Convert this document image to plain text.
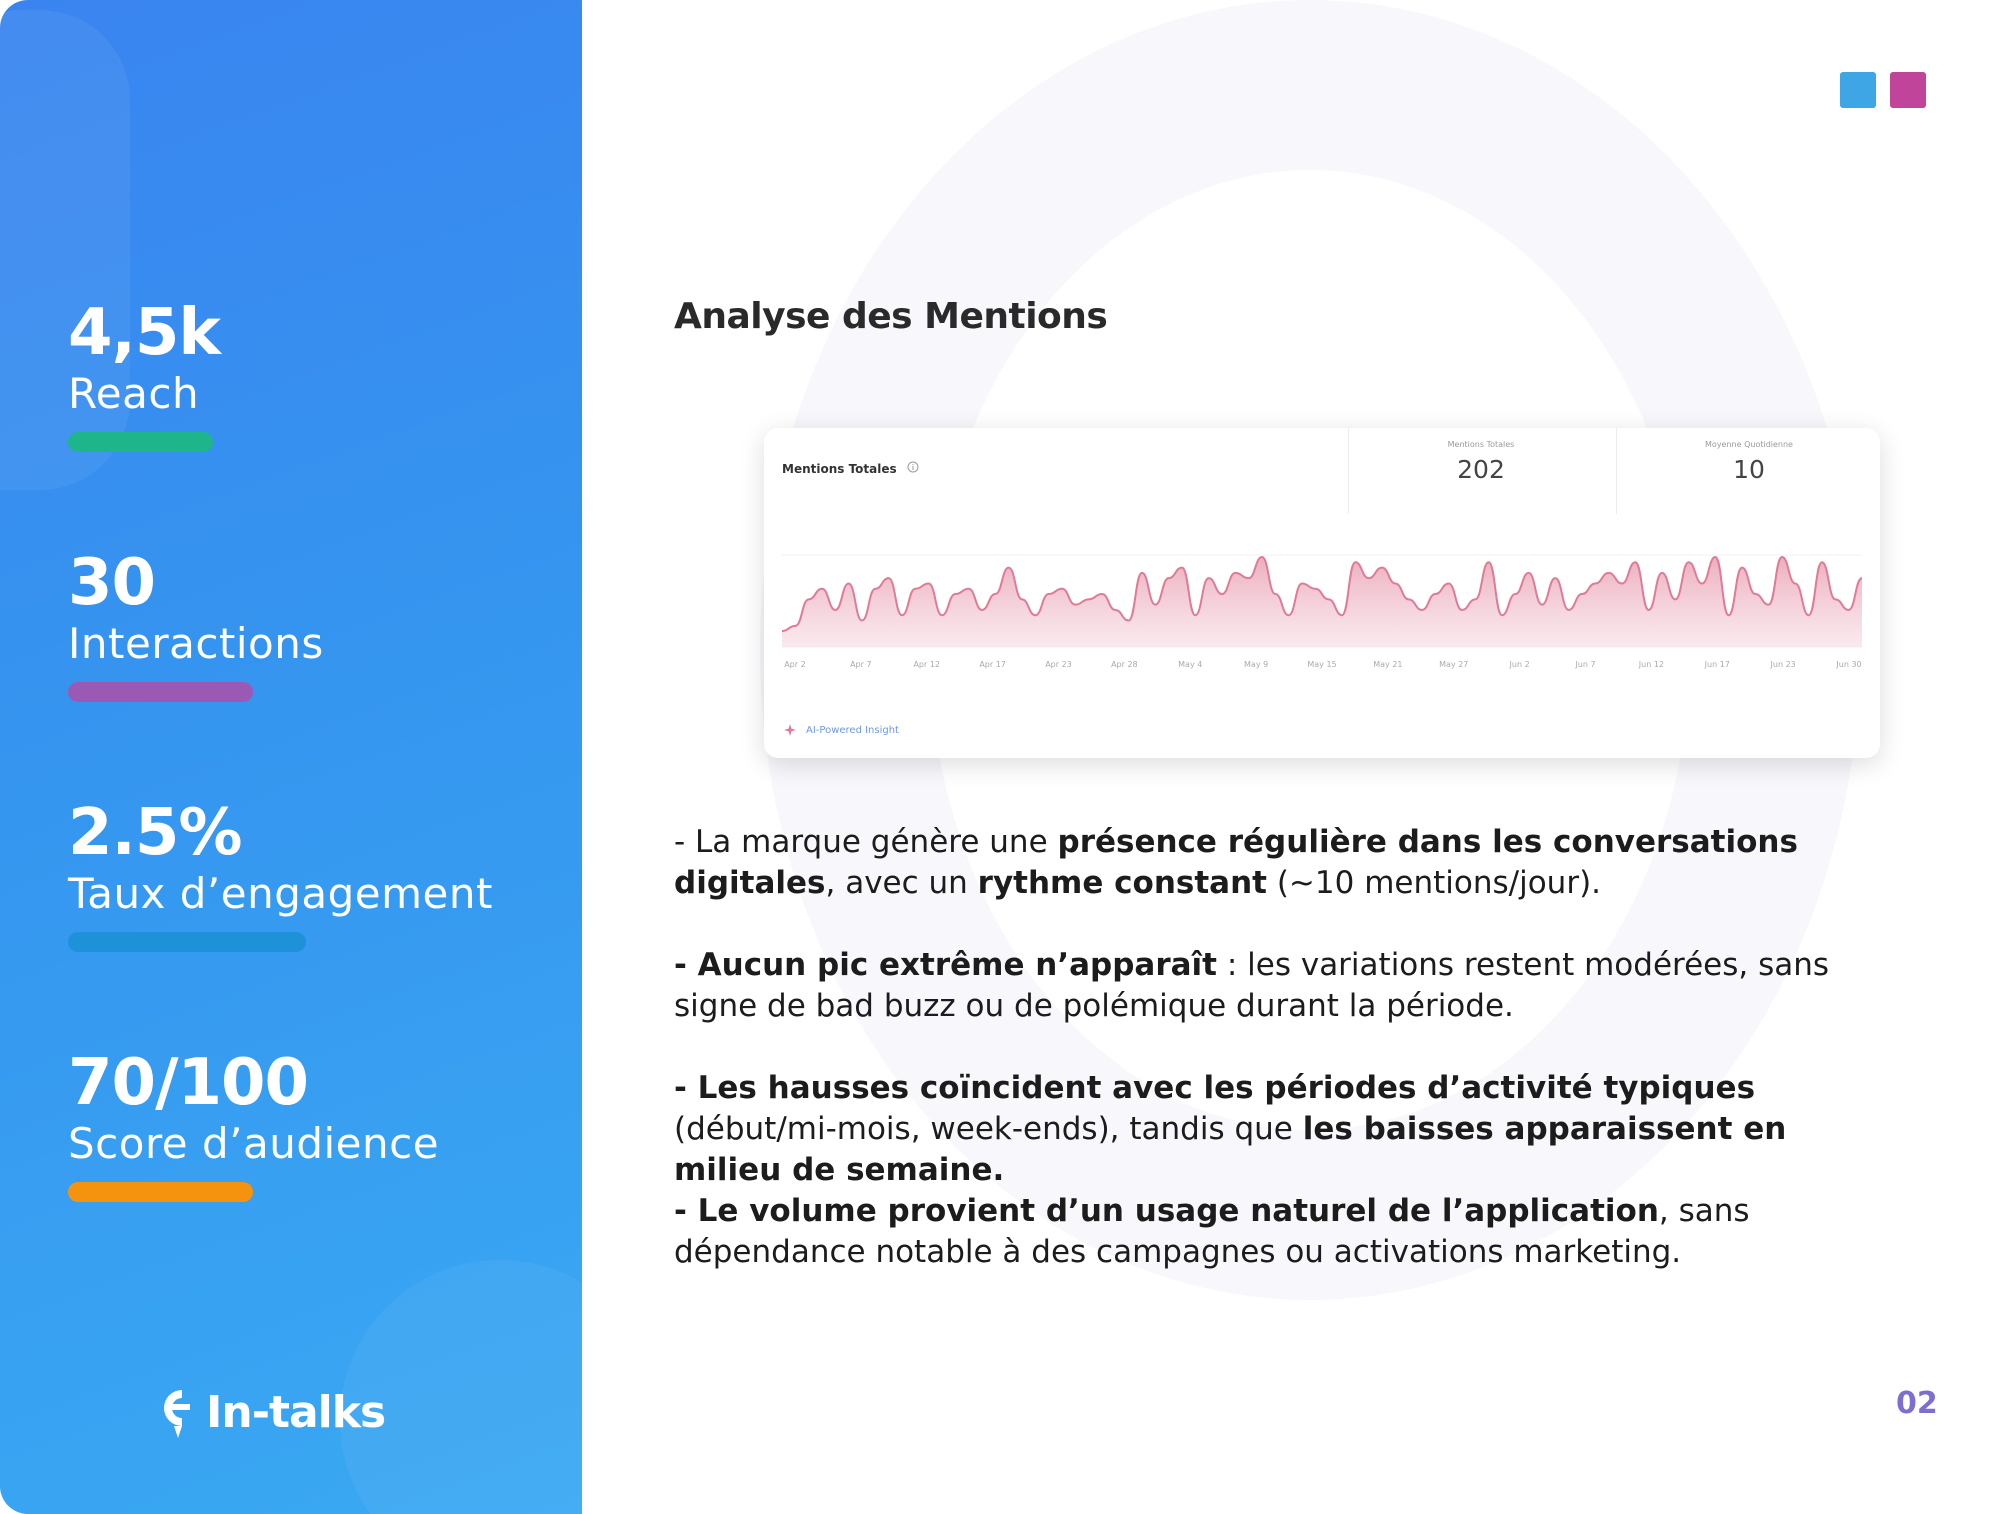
4,5k
Reach
30
Interactions
2.5%
Taux d’engagement
70/100
Score d’audience
In-talks
Analyse des Mentions
Mentions Totales
Mentions Totales
202
Moyenne Quotidienne
10
Apr 2	Apr 7	Apr 12	Apr 17	Apr 23	Apr 28	May 4	May 9	May 15	May 21	May 27	Jun 2	Jun 7	Jun 12	Jun 17	Jun 23	Jun 30
AI-Powered Insight

- La marque génère une présence régulière dans les conversations digitales, avec un rythme constant (~10 mentions/jour).

- Aucun pic extrême n’apparaît : les variations restent modérées, sans signe de bad buzz ou de polémique durant la période.

- Les hausses coïncident avec les périodes d’activité typiques (début/mi-mois, week-ends), tandis que les baisses apparaissent en milieu de semaine.

- Le volume provient d’un usage naturel de l’application, sans dépendance notable à des campagnes ou activations marketing.

02
